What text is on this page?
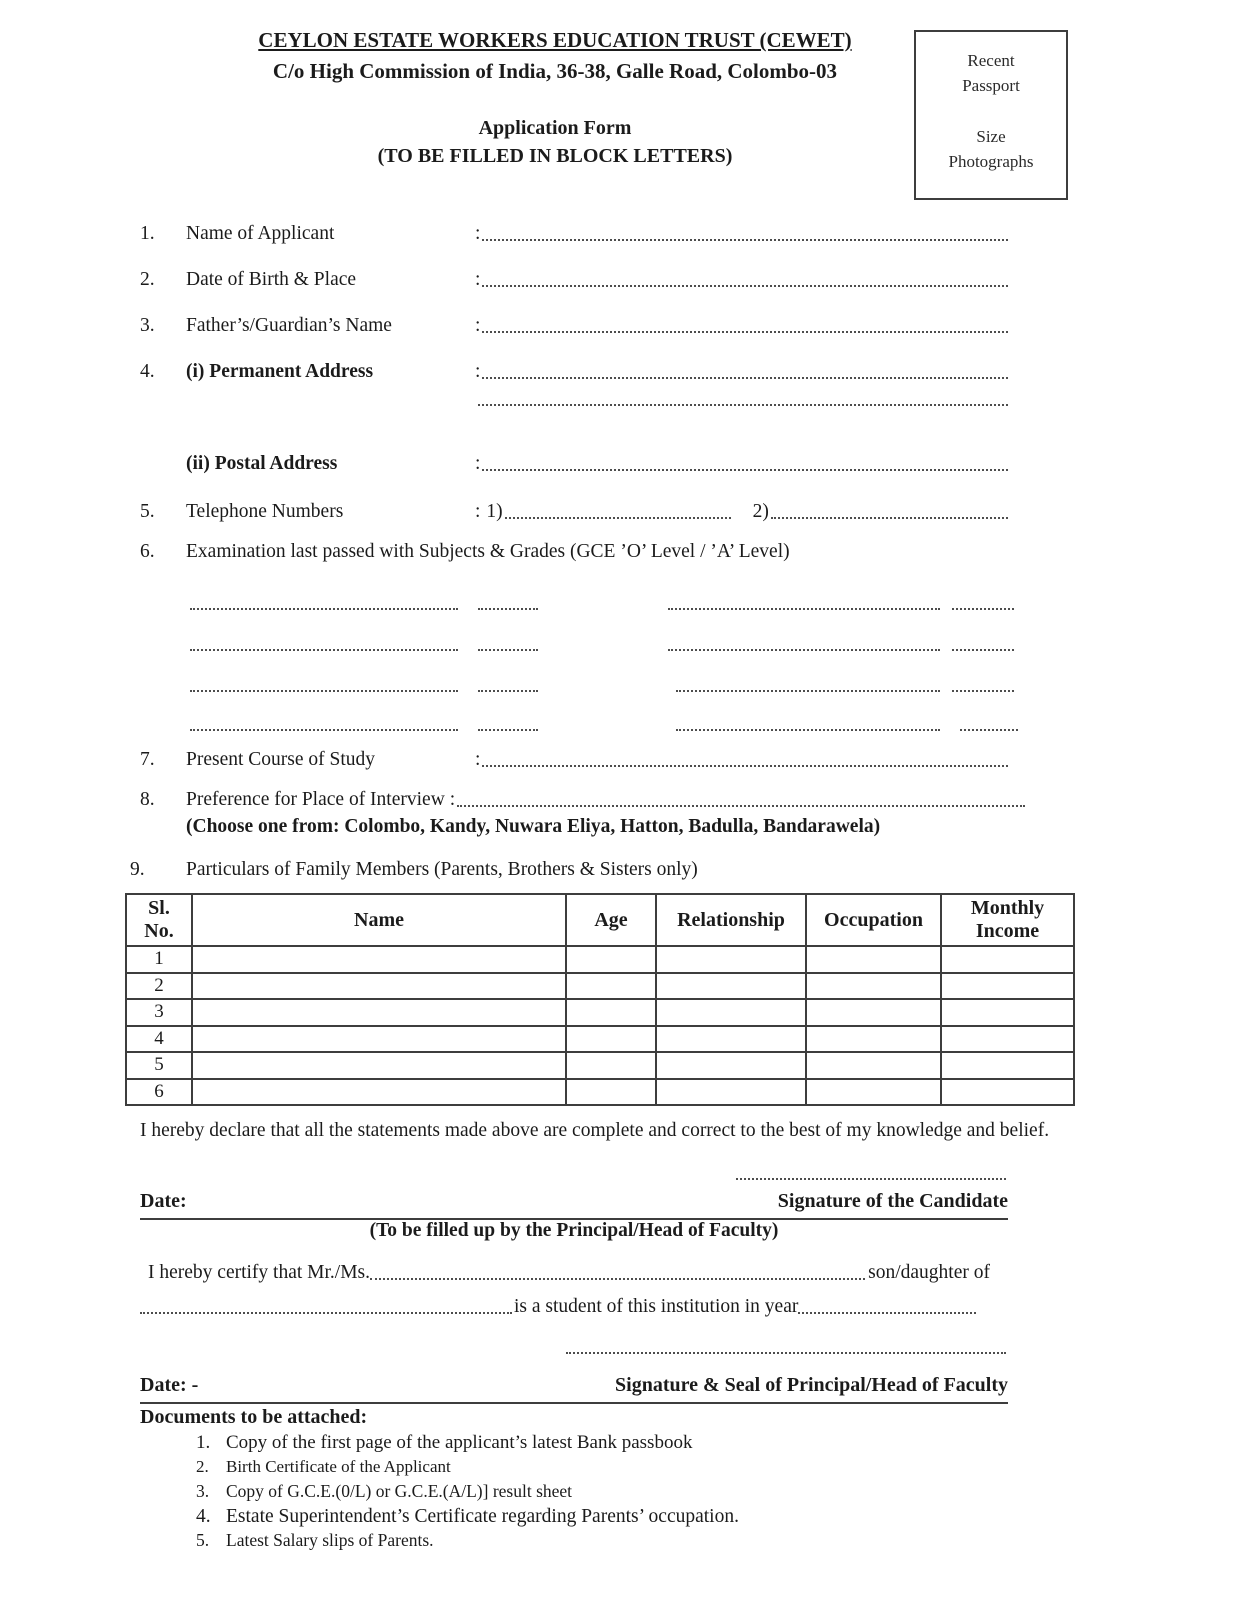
CEYLON ESTATE WORKERS EDUCATION TRUST (CEWET)
C/o High Commission of India, 36-38, Galle Road, Colombo-03
Application Form
(TO BE FILLED IN BLOCK LETTERS)
Recent Passport
Size Photographs
1.	Name of Applicant	:
2.	Date of Birth & Place	:
3.	Father’s/Guardian’s Name	:
4.	(i) Permanent Address	:
(ii) Postal Address	:
5.	Telephone Numbers	: 1)	2)
6.	Examination last passed with Subjects & Grades (GCE ’O’ Level / ’A’ Level)
7.	Present Course of Study	:
8.	Preference for Place of Interview :
(Choose one from: Colombo, Kandy, Nuwara Eliya, Hatton, Badulla, Bandarawela)
9.	Particulars of Family Members (Parents, Brothers & Sisters only)
Sl. No.	Name	Age	Relationship	Occupation	Monthly Income
1					
2					
3					
4					
5					
6					

I hereby declare that all the statements made above are complete and correct to the best of my knowledge and belief.

Date:	Signature of the Candidate
(To be filled up by the Principal/Head of Faculty)
I hereby certify that Mr./Ms.	son/daughter of
is a student of this institution in year
Date: -	Signature & Seal of Principal/Head of Faculty
Documents to be attached:
1. Copy of the first page of the applicant’s latest Bank passbook
2.	Birth Certificate of the Applicant
3. Copy of G.C.E.(0/L) or G.C.E.(A/L)] result sheet
4. Estate Superintendent’s Certificate regarding Parents’ occupation.
5. Latest Salary slips of Parents.
